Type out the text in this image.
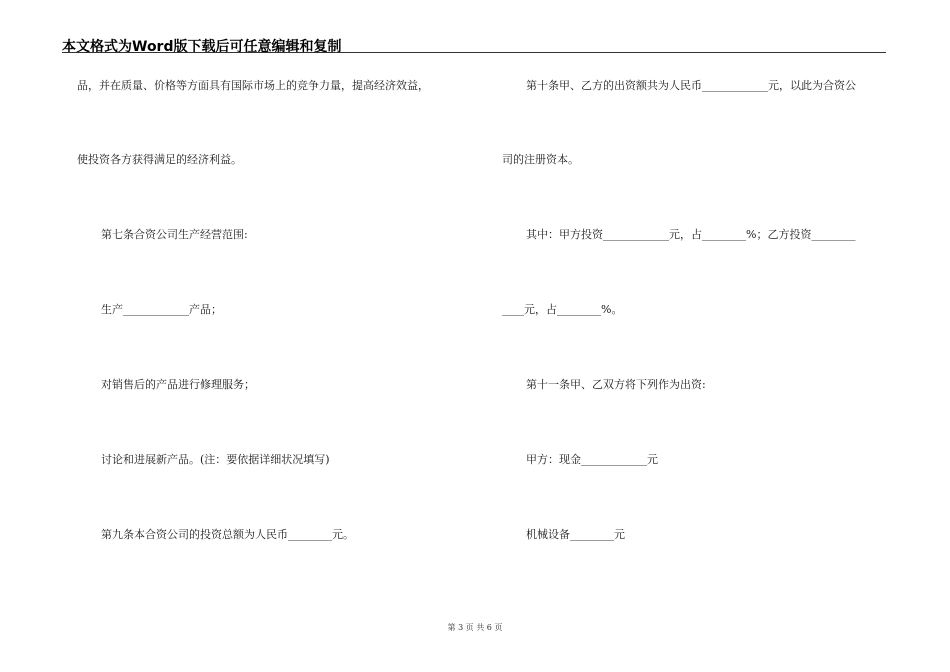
本文格式为Word版下载后可任意编辑和复制
品，并在质量、价格等方面具有国际市场上的竞争力量，提高经济效益，
使投资各方获得满足的经济利益。
第七条合资公司生产经营范围:
生产____________产品；
对销售后的产品进行修理服务；
讨论和进展新产品。(注：要依据详细状况填写)
第九条本合资公司的投资总额为人民币________元。
第十条甲、乙方的出资额共为人民币____________元，以此为合资公
司的注册资本。
其中：甲方投资____________元，占________%；乙方投资________
____元，占________%。
第十一条甲、乙双方将下列作为出资:
甲方：现金____________元
机械设备________元
第 3 页 共 6 页
